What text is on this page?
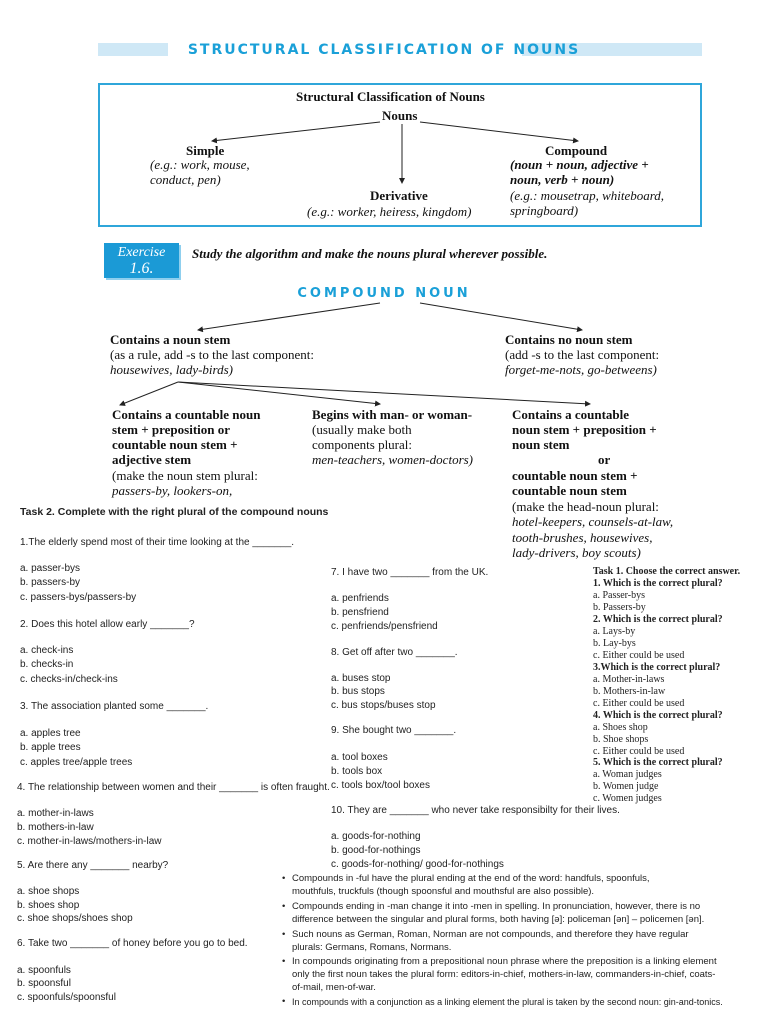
STRUCTURAL CLASSIFICATION OF NOUNS
Structural Classification of Nouns
Nouns
Simple
(e.g.: work, mouse,
conduct, pen)
Compound
(noun + noun, adjective +
noun, verb + noun)
(e.g.: mousetrap, whiteboard,
springboard)
Derivative
(e.g.: worker, heiress, kingdom)
Exercise
1.6.
Study the algorithm and make the nouns plural wherever possible.
COMPOUND NOUN
Contains a noun stem
(as a rule, add -s to the last component:
housewives, lady-birds)
Contains no noun stem
(add -s to the last component:
forget-me-nots, go-betweens)
Contains a countable noun
stem + preposition or
countable noun stem +
adjective stem
(make the noun stem plural:
passers-by, lookers-on,
Begins with man- or woman-
(usually make both
components plural:
men-teachers, women-doctors)
Contains a countable
noun stem + preposition +
noun stem
or
countable noun stem +
countable noun stem
(make the head-noun plural:
hotel-keepers, counsels-at-law,
tooth-brushes, housewives,
lady-drivers, boy scouts)
Task 2. Complete with the right plural of the compound nouns
1.The elderly spend most of their time looking at the _______.
a. passer-bys
b. passers-by
c. passers-bys/passers-by
2. Does this hotel allow early _______?
a. check-ins
b. checks-in
c. checks-in/check-ins
3. The association planted some _______.
a. apples tree
b. apple trees
c. apples tree/apple trees
4. The relationship between women and their _______ is often fraught.
a. mother-in-laws
b. mothers-in-law
c. mother-in-laws/mothers-in-law
5. Are there any _______ nearby?
a. shoe shops
b. shoes shop
c. shoe shops/shoes shop
6. Take two _______ of honey before you go to bed.
a. spoonfuls
b. spoonsful
c. spoonfuls/spoonsful
7. I have two _______ from the UK.
a. penfriends
b. pensfriend
c. penfriends/pensfriend
8. Get off after two _______.
a. buses stop
b. bus stops
c. bus stops/buses stop
9. She bought two _______.
a. tool boxes
b. tools box
c. tools box/tool boxes
10. They are _______ who never take responsibilty for their lives.
a. goods-for-nothing
b. good-for-nothings
c. goods-for-nothing/ good-for-nothings
Task 1. Choose the correct answer.
1. Which is the correct plural?
a. Passer-bys
b. Passers-by
2. Which is the correct plural?
a. Lays-by
b. Lay-bys
c. Either could be used
3.Which is the correct plural?
a. Mother-in-laws
b. Mothers-in-law
c. Either could be used
4. Which is the correct plural?
a. Shoes shop
b. Shoe shops
c. Either could be used
5. Which is the correct plural?
a. Woman judges
b. Women judge
c. Women judges
• Compounds in -ful have the plural ending at the end of the word: handfuls, spoonfuls,
mouthfuls, truckfuls (though spoonsful and mouthsful are also possible).
• Compounds ending in -man change it into -men in spelling. In pronunciation, however, there is no
difference between the singular and plural forms, both having [ə]: policeman [ən] – policemen [ən].
• Such nouns as German, Roman, Norman are not compounds, and therefore they have regular
plurals: Germans, Romans, Normans.
• In compounds originating from a prepositional noun phrase where the preposition is a linking element
only the first noun takes the plural form: editors-in-chief, mothers-in-law, commanders-in-chief, coats-
of-mail, men-of-war.
• In compounds with a conjunction as a linking element the plural is taken by the second noun: gin-and-tonics.
